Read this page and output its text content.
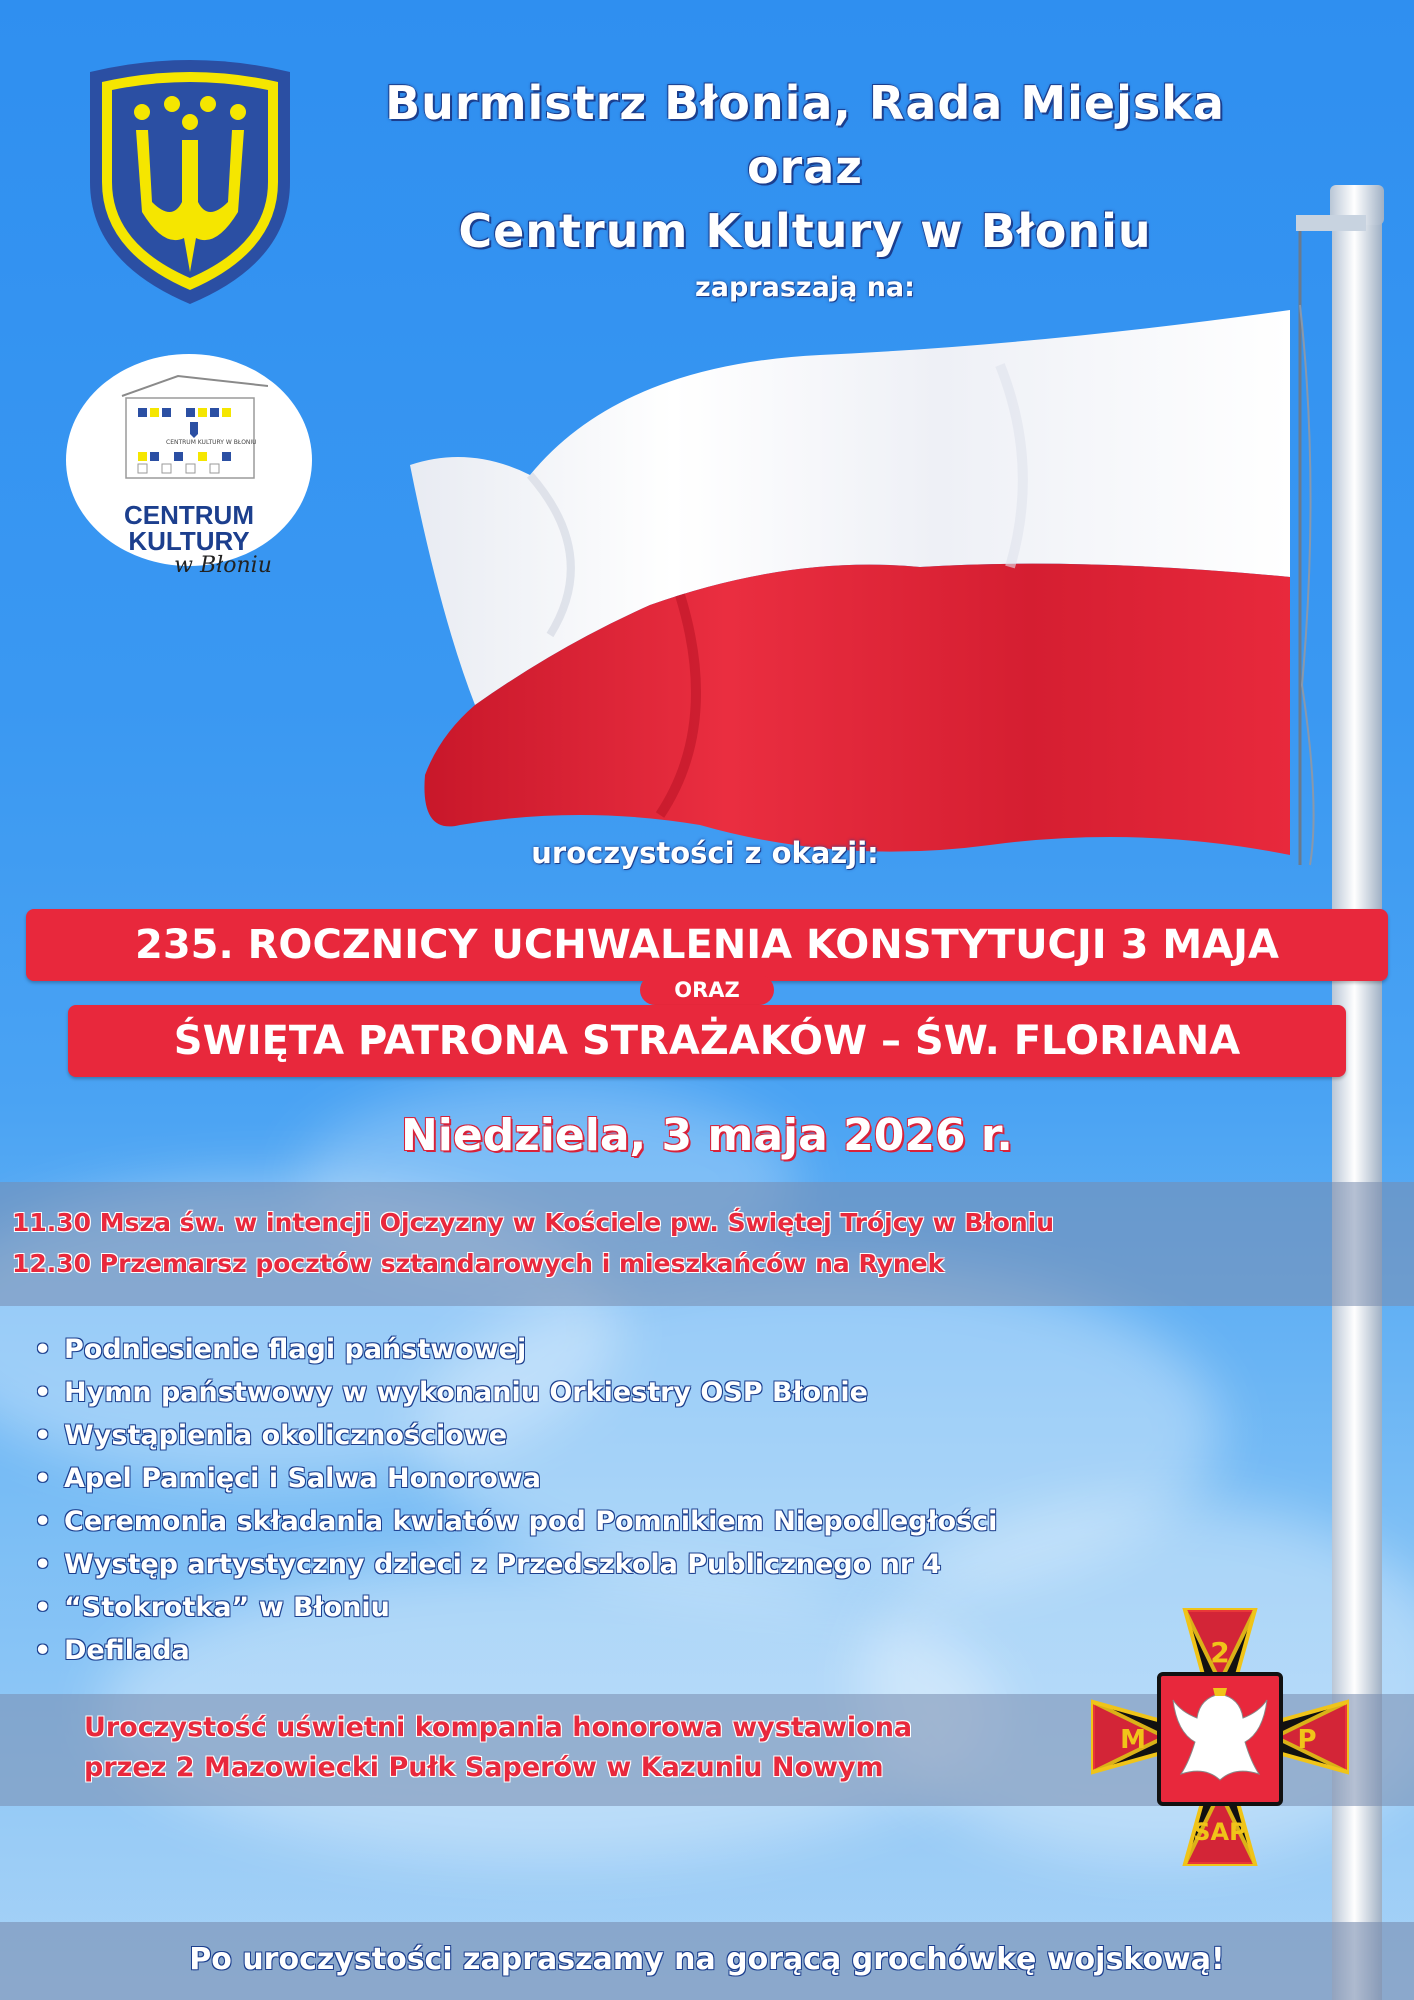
CENTRUM KULTURY W BŁONIU
CENTRUM
KULTURY
w Błoniu
Burmistrz Błonia, Rada Miejska
oraz
Centrum Kultury w Błoniu
zapraszają na:
uroczystości z okazji:
235. ROCZNICY UCHWALENIA KONSTYTUCJI 3 MAJA
ORAZ
ŚWIĘTA PATRONA STRAŻAKÓW – ŚW. FLORIANA
Niedziela, 3 maja 2026 r.
11.30 Msza św. w intencji Ojczyzny w Kościele pw. Świętej Trójcy w Błoniu
12.30 Przemarsz pocztów sztandarowych i mieszkańców na Rynek
• Podniesienie flagi państwowej
• Hymn państwowy w wykonaniu Orkiestry OSP Błonie
• Wystąpienia okolicznościowe
• Apel Pamięci i Salwa Honorowa
• Ceremonia składania kwiatów pod Pomnikiem Niepodległości
• Występ artystyczny dzieci z Przedszkola Publicznego nr 4
• “Stokrotka” w Błoniu
• Defilada
Uroczystość uświetni kompania honorowa wystawiona
przez 2 Mazowiecki Pułk Saperów w Kazuniu Nowym
2
M	P
SAP
Po uroczystości zapraszamy na gorącą grochówkę wojskową!
